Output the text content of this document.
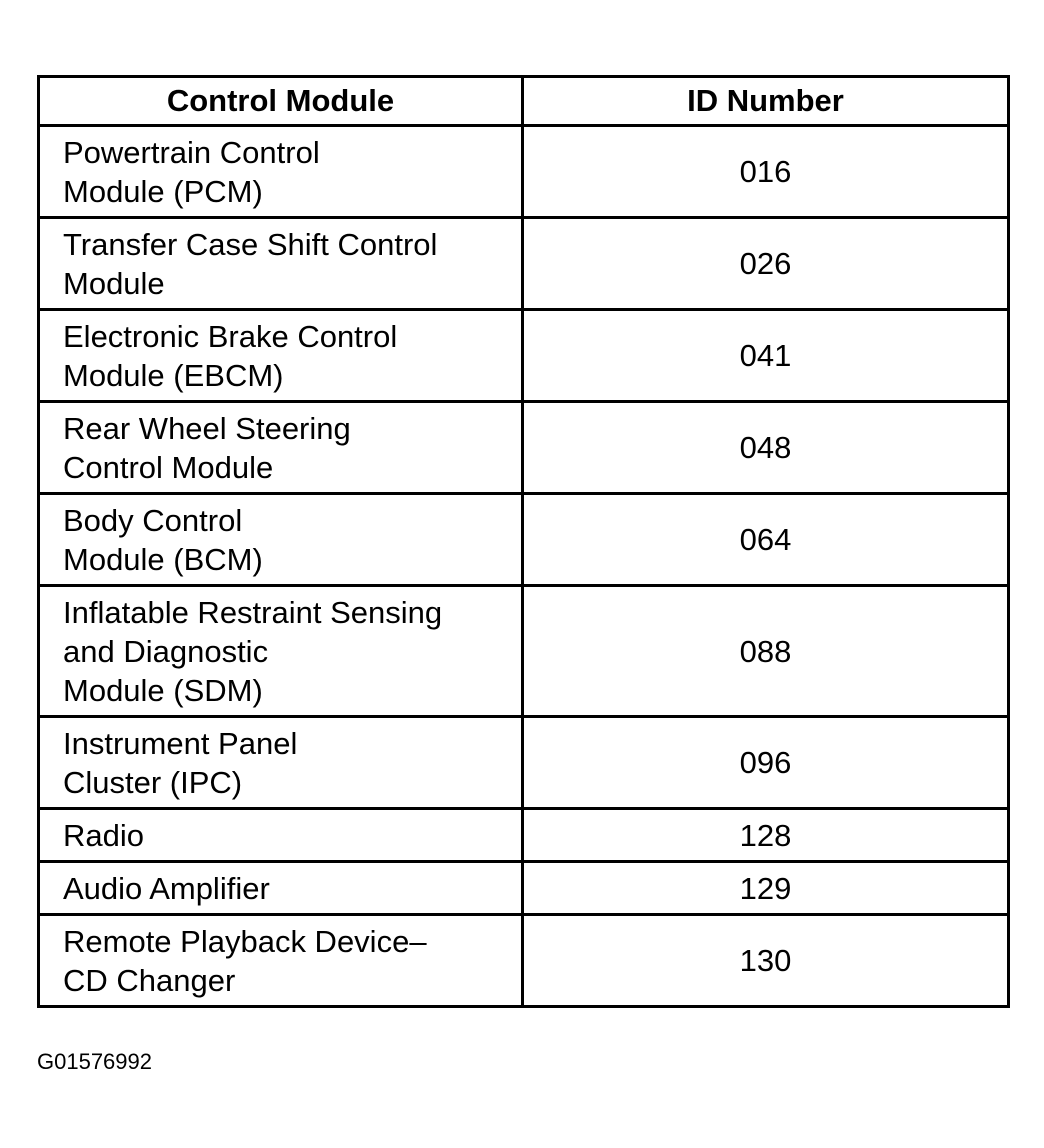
Control Module	ID Number
Powertrain Control
Module (PCM)	016
Transfer Case Shift Control
Module	026
Electronic Brake Control
Module (EBCM)	041
Rear Wheel Steering
Control Module	048
Body Control
Module (BCM)	064
Inflatable Restraint Sensing
and Diagnostic
Module (SDM)	088
Instrument Panel
Cluster (IPC)	096
Radio	128
Audio Amplifier	129
Remote Playback Device–
CD Changer	130
G01576992
